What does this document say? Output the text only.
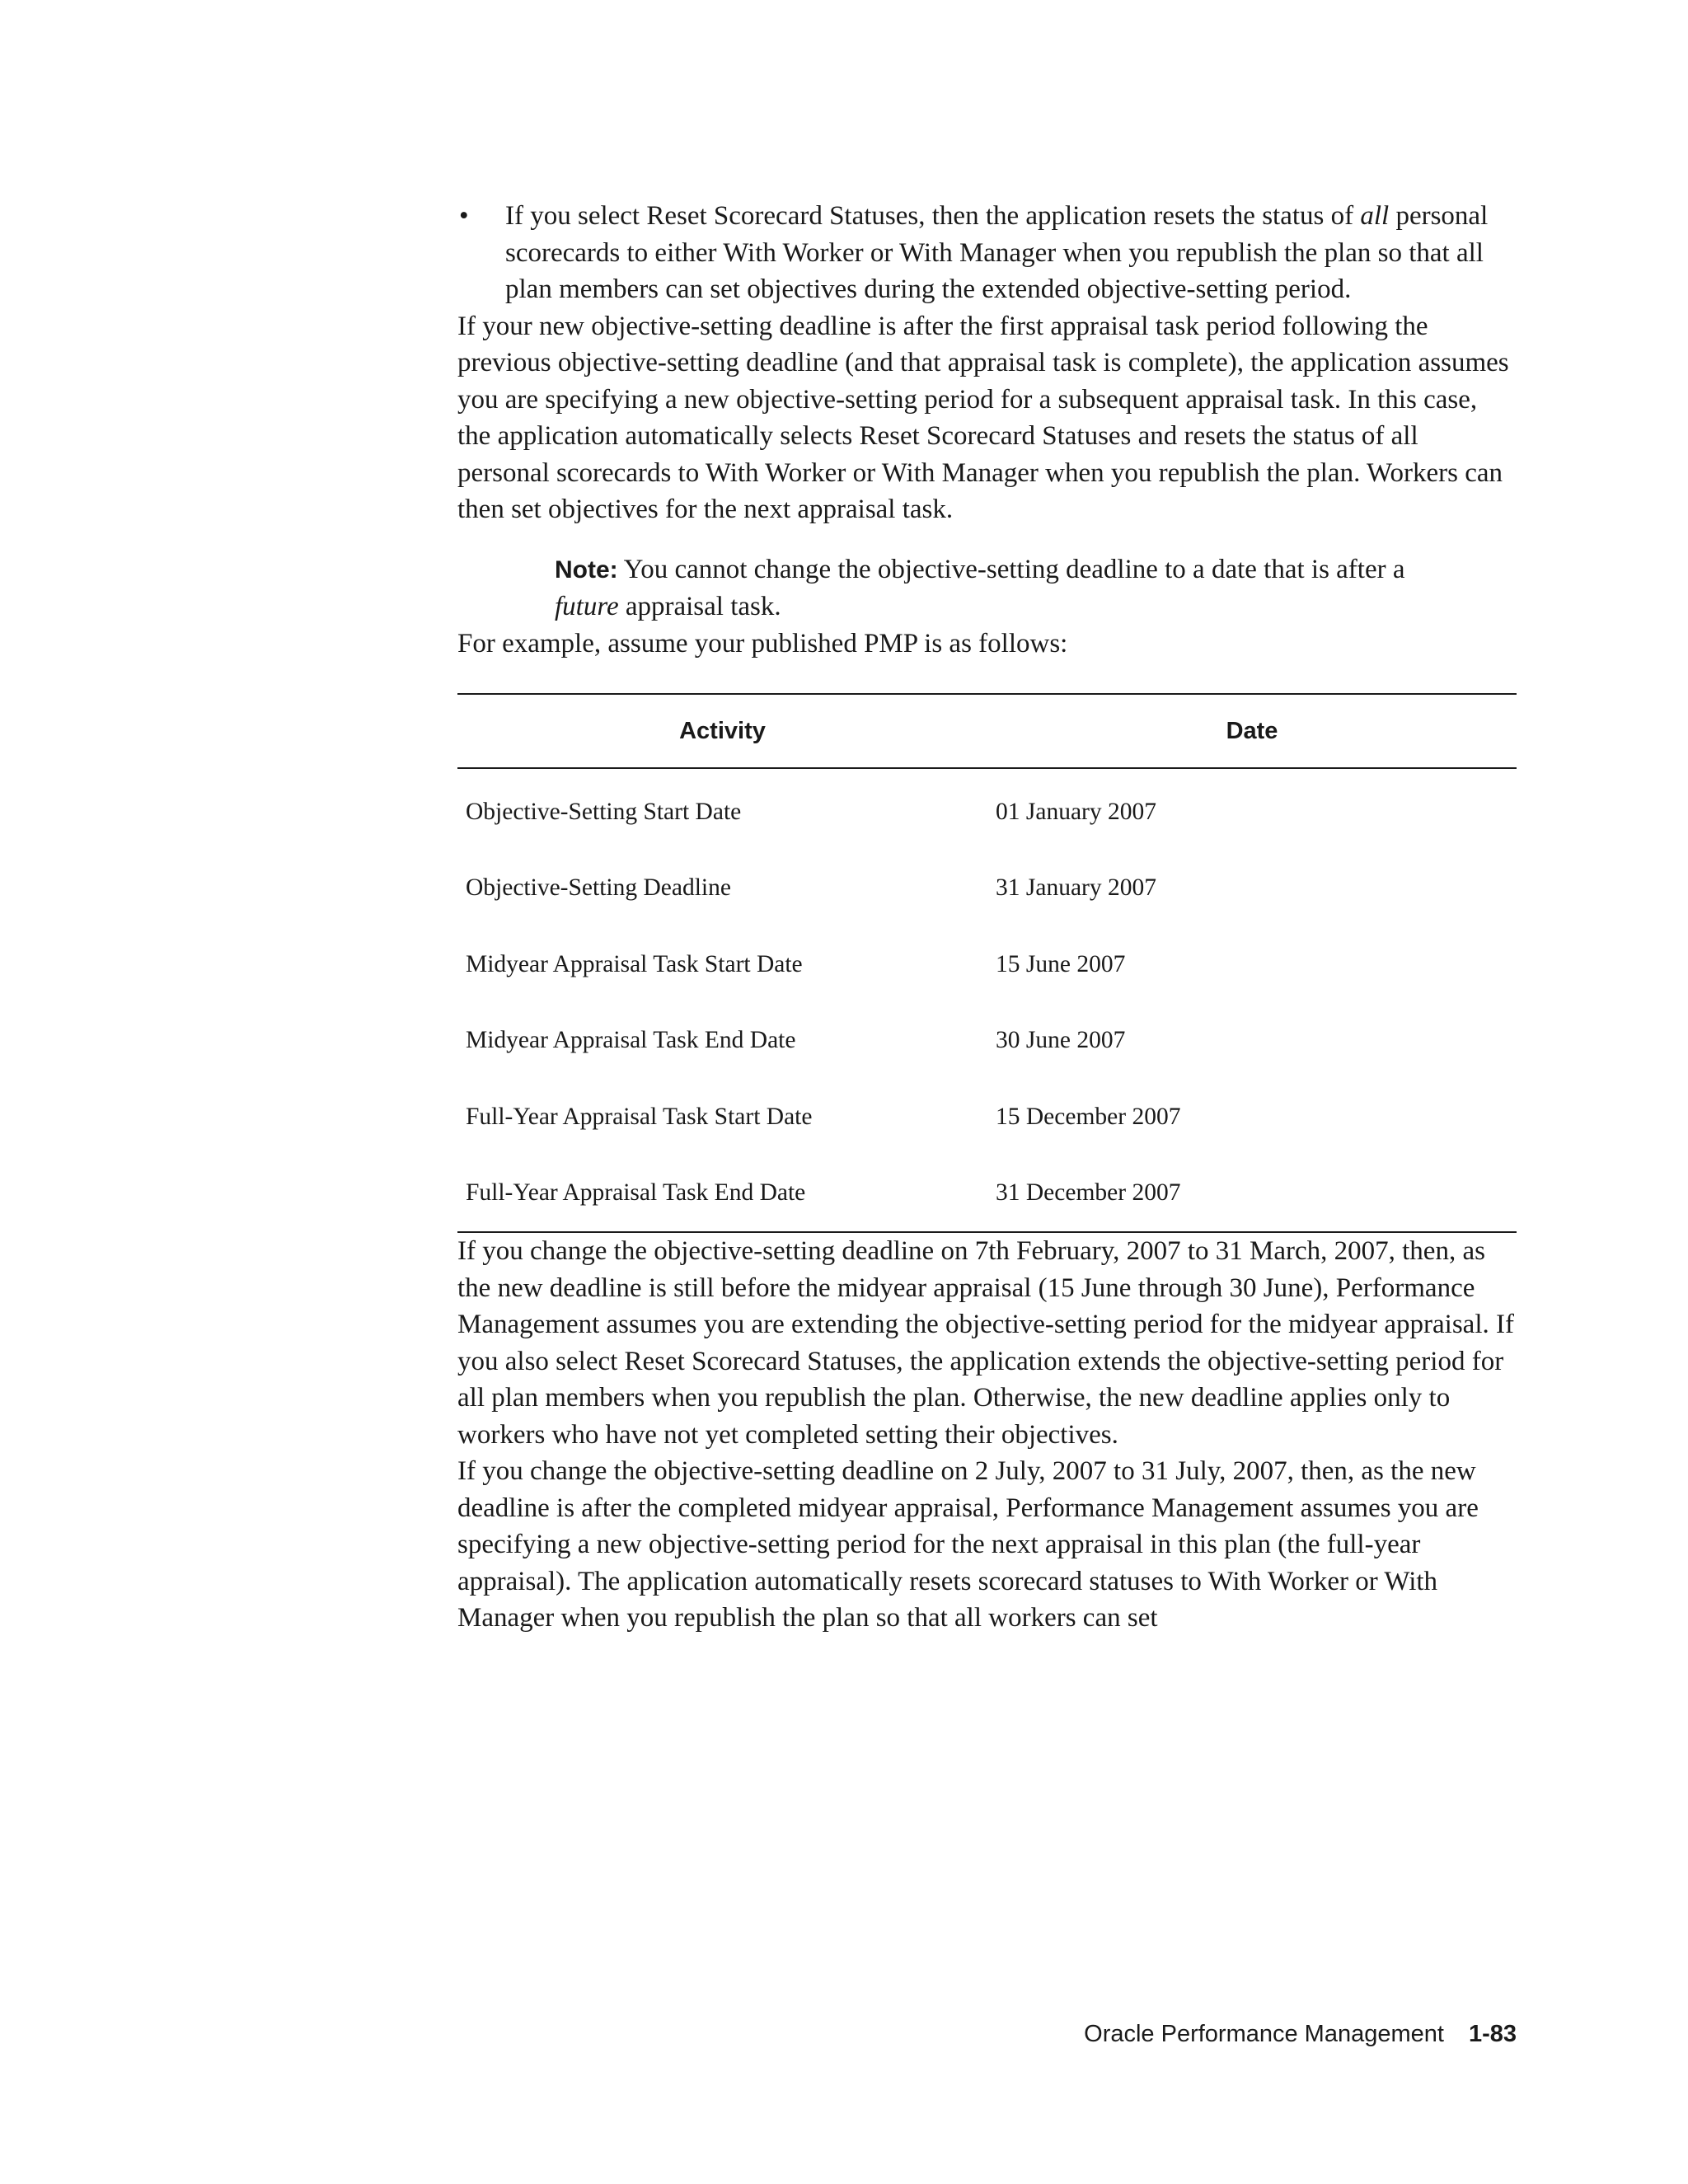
• If you select Reset Scorecard Statuses, then the application resets the status of all personal scorecards to either With Worker or With Manager when you republish the plan so that all plan members can set objectives during the extended objective-setting period.

If your new objective-setting deadline is after the first appraisal task period following the previous objective-setting deadline (and that appraisal task is complete), the application assumes you are specifying a new objective-setting period for a subsequent appraisal task. In this case, the application automatically selects Reset Scorecard Statuses and resets the status of all personal scorecards to With Worker or With Manager when you republish the plan. Workers can then set objectives for the next appraisal task.

Note: You cannot change the objective-setting deadline to a date that is after a future appraisal task.

For example, assume your published PMP is as follows:

Activity	Date
Objective-Setting Start Date	01 January 2007
Objective-Setting Deadline	31 January 2007
Midyear Appraisal Task Start Date	15 June 2007
Midyear Appraisal Task End Date	30 June 2007
Full-Year Appraisal Task Start Date	15 December 2007
Full-Year Appraisal Task End Date	31 December 2007

If you change the objective-setting deadline on 7th February, 2007 to 31 March, 2007, then, as the new deadline is still before the midyear appraisal (15 June through 30 June), Performance Management assumes you are extending the objective-setting period for the midyear appraisal. If you also select Reset Scorecard Statuses, the application extends the objective-setting period for all plan members when you republish the plan. Otherwise, the new deadline applies only to workers who have not yet completed setting their objectives.

If you change the objective-setting deadline on 2 July, 2007 to 31 July, 2007, then, as the new deadline is after the completed midyear appraisal, Performance Management assumes you are specifying a new objective-setting period for the next appraisal in this plan (the full-year appraisal). The application automatically resets scorecard statuses to With Worker or With Manager when you republish the plan so that all workers can set

Oracle Performance Management 1-83
